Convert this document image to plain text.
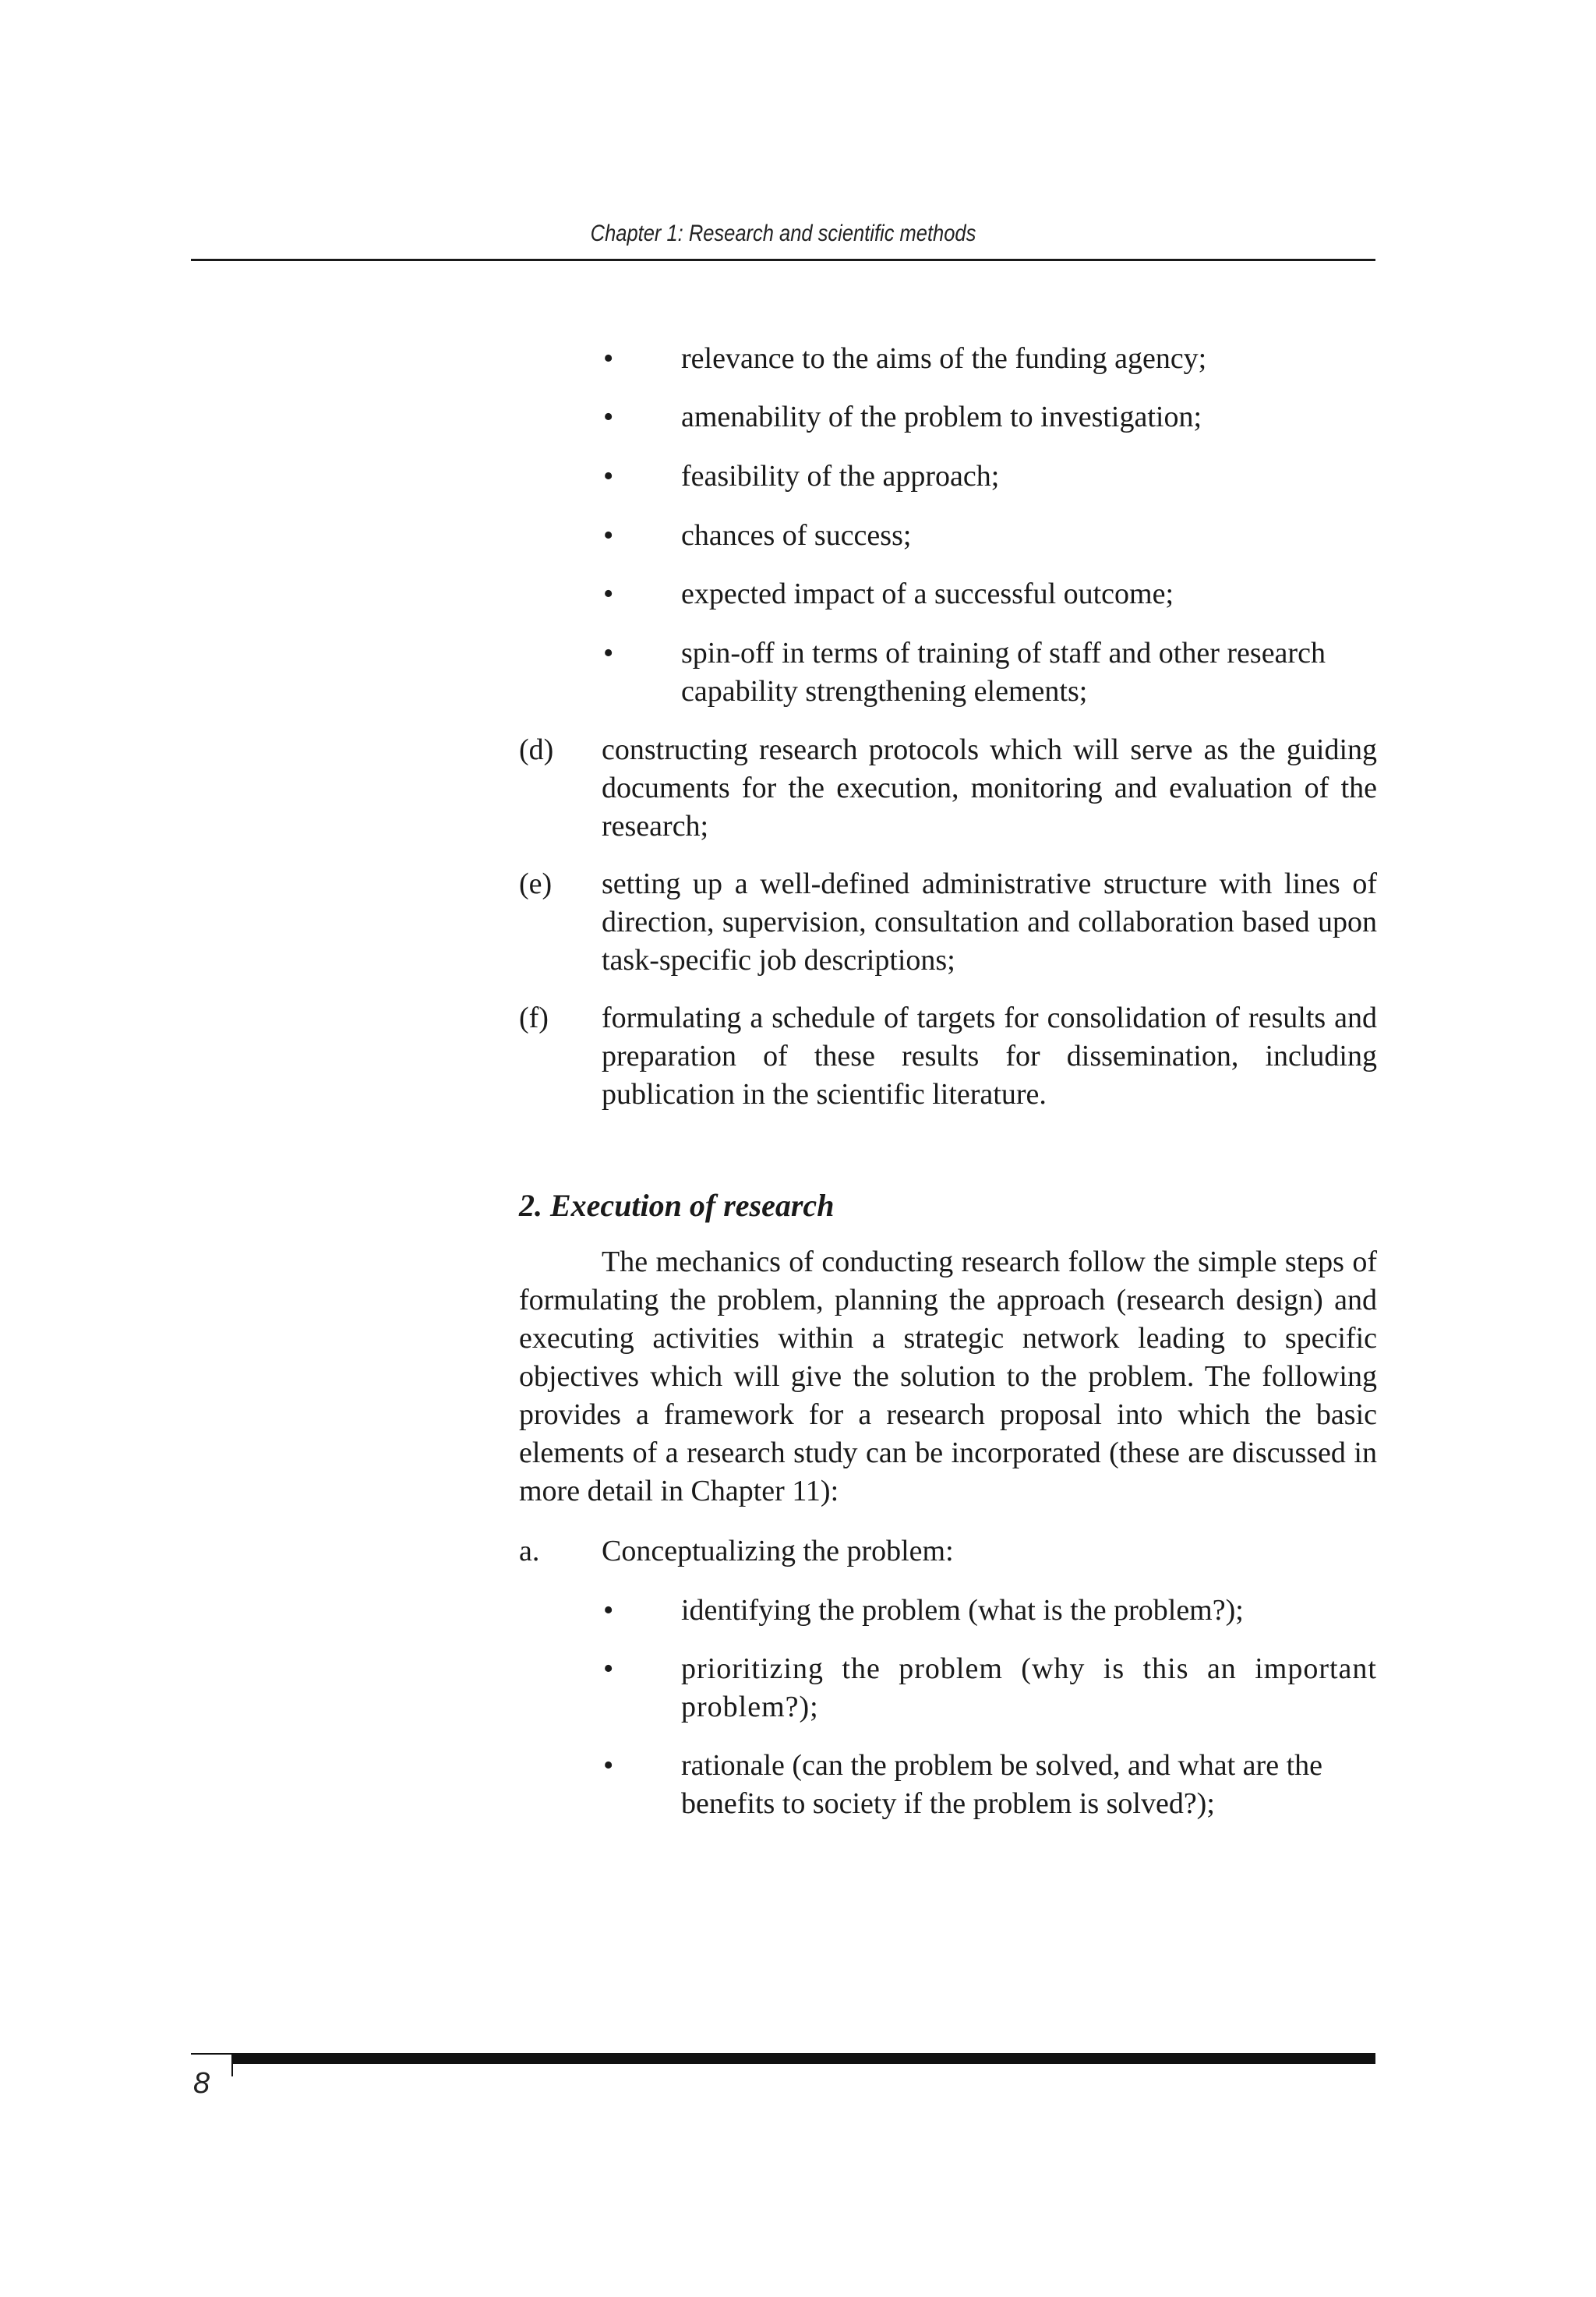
Chapter 1: Research and scientific methods
• relevance to the aims of the funding agency;
• amenability of the problem to investigation;
• feasibility of the approach;
• chances of success;
• expected impact of a successful outcome;
• spin-off in terms of training of staff and other research capability strengthening elements;
(d) constructing research protocols which will serve as the guiding documents for the execution, monitoring and evaluation of the research;
(e) setting up a well-defined administrative structure with lines of direction, supervision, consultation and collaboration based upon task-specific job descriptions;
(f) formulating a schedule of targets for consolidation of results and preparation of these results for dissemination, including publication in the scientific literature.
2. Execution of research
The mechanics of conducting research follow the simple steps of formulating the problem, planning the approach (research design) and executing activities within a strategic network leading to specific objectives which will give the solution to the problem. The following provides a framework for a research proposal into which the basic elements of a research study can be incorporated (these are discussed in more detail in Chapter 11):
a. Conceptualizing the problem:
• identifying the problem (what is the problem?);
• prioritizing the problem (why is this an important problem?);
• rationale (can the problem be solved, and what are the benefits to society if the problem is solved?);
8
